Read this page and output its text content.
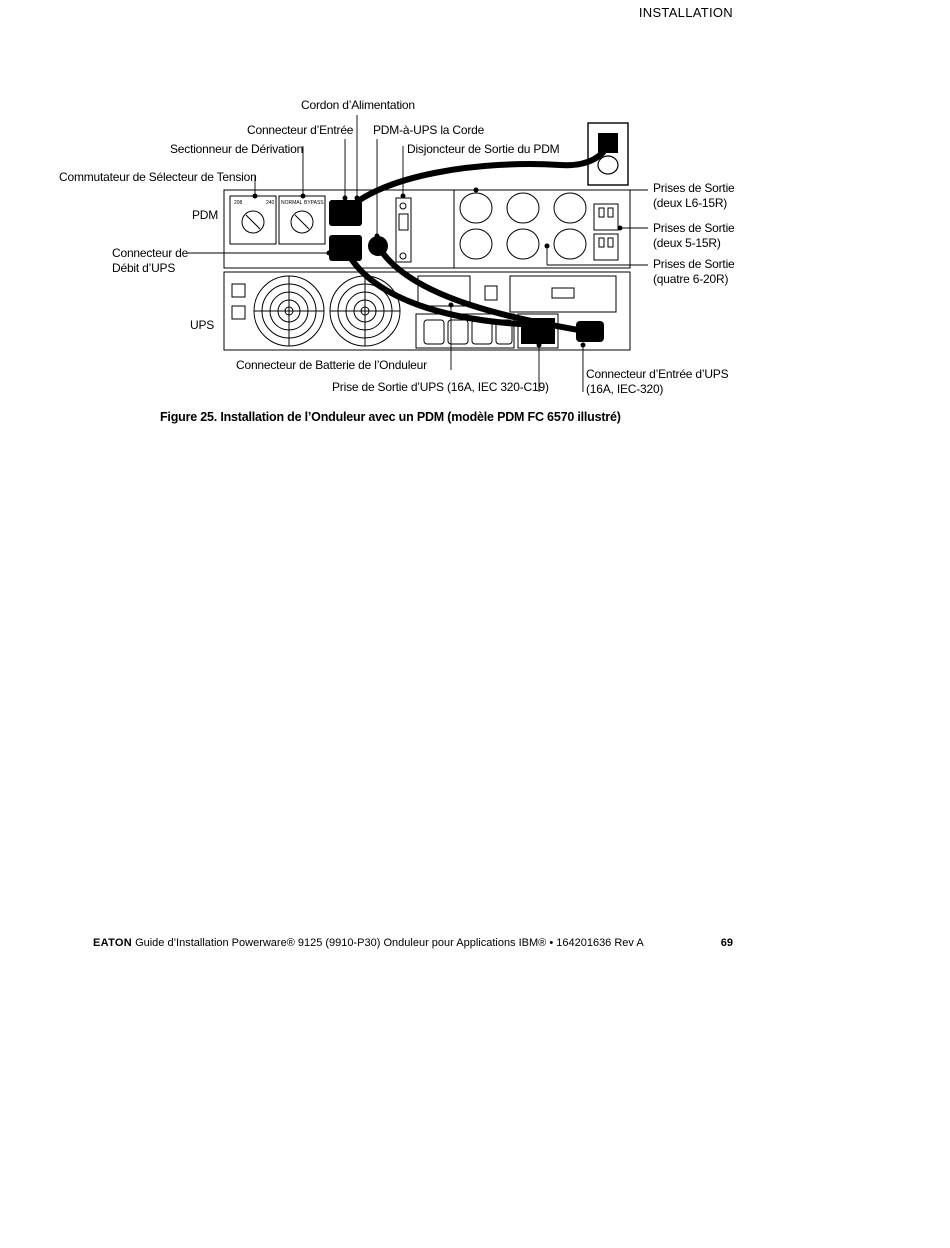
INSTALLATION
208	240 NORMAL BYPASS
Cordon d’Alimentation
Connecteur d’Entrée PDM-à-UPS la Corde
Sectionneur de Dérivation	Disjoncteur de Sortie du PDM
Commutateur de Sélecteur de Tension
PDM
Connecteur de Débit d’UPS
UPS
Prises de Sortie (deux L6-15R)
Prises de Sortie (deux 5-15R)
Prises de Sortie (quatre 6-20R)
Connecteur de Batterie de l’Onduleur
Prise de Sortie d’UPS (16A, IEC 320-C19)
Connecteur d’Entrée d’UPS (16A, IEC-320)
Figure 25. Installation de l’Onduleur avec un PDM (modèle PDM FC 6570 illustré)
EATON Guide d’Installation Powerware® 9125 (9910-P30) Onduleur pour Applications IBM® • 164201636 Rev A	69
